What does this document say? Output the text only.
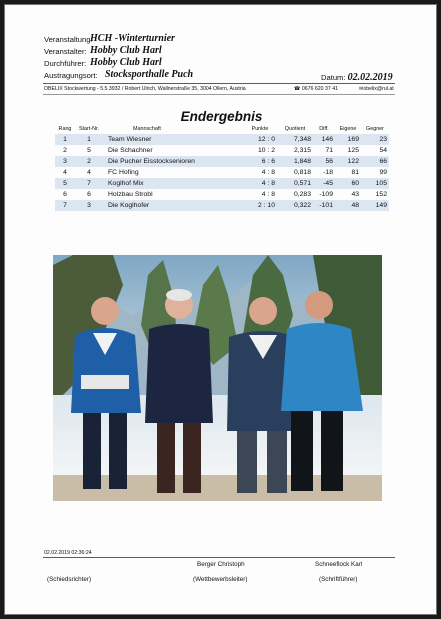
Veranstaltung:
HCH -Winterturnier
Veranstalter: Hobby Club Harl
Durchführer: Hobby Club Harl
Austragungsort: Stocksporthalle Puch	Datum: 02.02.2019
OBELIX Stockwertung - 5.5.3932 / Robert Ulrich, Wallnerstraße 35, 3004 Ollern, Austria	☎ 0676 620 37 41	✉obelix@rul.at
Endergebnis
Rang	Start-Nr.	Mannschaft	Punkte	Quotient	Diff.	Eigene	Gegner
1	1	Team Wiesner	12 : 0	7,348	146	169	23
2	5	Die Schachner	10 : 2	2,315	71	125	54
3	2	Die Pucher Eisstocksenioren	6 : 6	1,848	56	122	66
4	4	FC Hofing	4 : 8	0,818	-18	81	99
5	7	Koglhof Mix	4 : 8	0,571	-45	60	105
6	6	Holzbau Strobl	4 : 8	0,283	-109	43	152
7	3	Die Koglhofer	2 : 10	0,322	-101	48	149
02.02.2019 02:36:24
Berger Christoph	Schneeflock Karl
(Schiedsrichter)	(Wettbewerbsleiter)	(Schriftführer)
